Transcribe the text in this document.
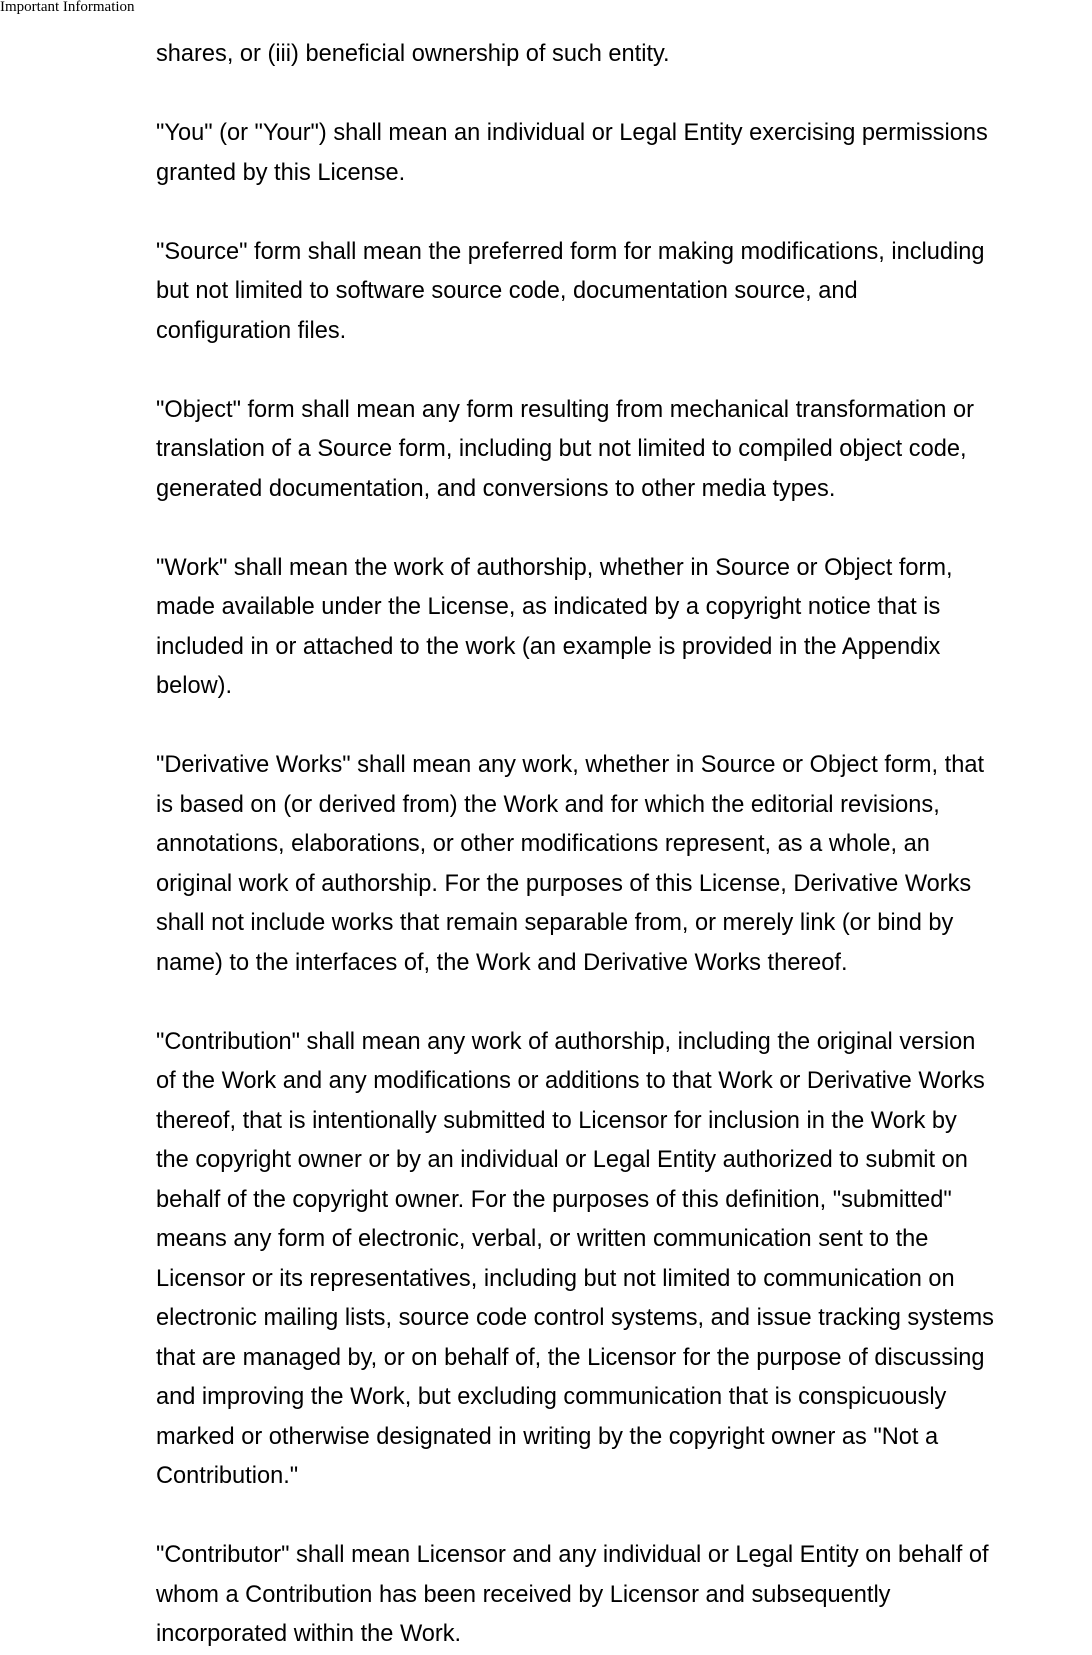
Important Information

shares, or (iii) beneficial ownership of such entity.

"You" (or "Your") shall mean an individual or Legal Entity exercising permissions
granted by this License.

"Source" form shall mean the preferred form for making modifications, including
but not limited to software source code, documentation source, and
configuration files.

"Object" form shall mean any form resulting from mechanical transformation or
translation of a Source form, including but not limited to compiled object code,
generated documentation, and conversions to other media types.

"Work" shall mean the work of authorship, whether in Source or Object form,
made available under the License, as indicated by a copyright notice that is
included in or attached to the work (an example is provided in the Appendix
below).

"Derivative Works" shall mean any work, whether in Source or Object form, that
is based on (or derived from) the Work and for which the editorial revisions,
annotations, elaborations, or other modifications represent, as a whole, an
original work of authorship. For the purposes of this License, Derivative Works
shall not include works that remain separable from, or merely link (or bind by
name) to the interfaces of, the Work and Derivative Works thereof.

"Contribution" shall mean any work of authorship, including the original version
of the Work and any modifications or additions to that Work or Derivative Works
thereof, that is intentionally submitted to Licensor for inclusion in the Work by
the copyright owner or by an individual or Legal Entity authorized to submit on
behalf of the copyright owner. For the purposes of this definition, "submitted"
means any form of electronic, verbal, or written communication sent to the
Licensor or its representatives, including but not limited to communication on
electronic mailing lists, source code control systems, and issue tracking systems
that are managed by, or on behalf of, the Licensor for the purpose of discussing
and improving the Work, but excluding communication that is conspicuously
marked or otherwise designated in writing by the copyright owner as "Not a
Contribution."

"Contributor" shall mean Licensor and any individual or Legal Entity on behalf of
whom a Contribution has been received by Licensor and subsequently
incorporated within the Work.
